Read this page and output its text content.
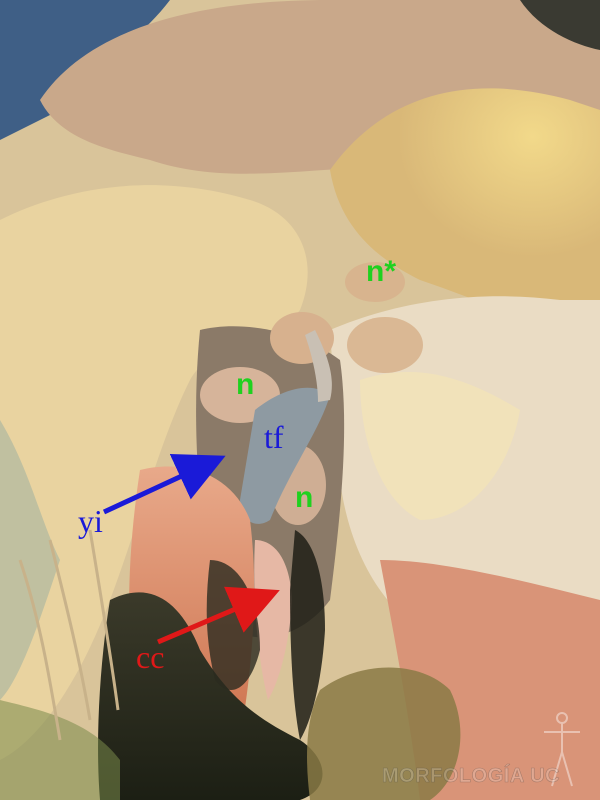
n*
n
n
tf
yi
cc
MORFOLOGÍA UC
